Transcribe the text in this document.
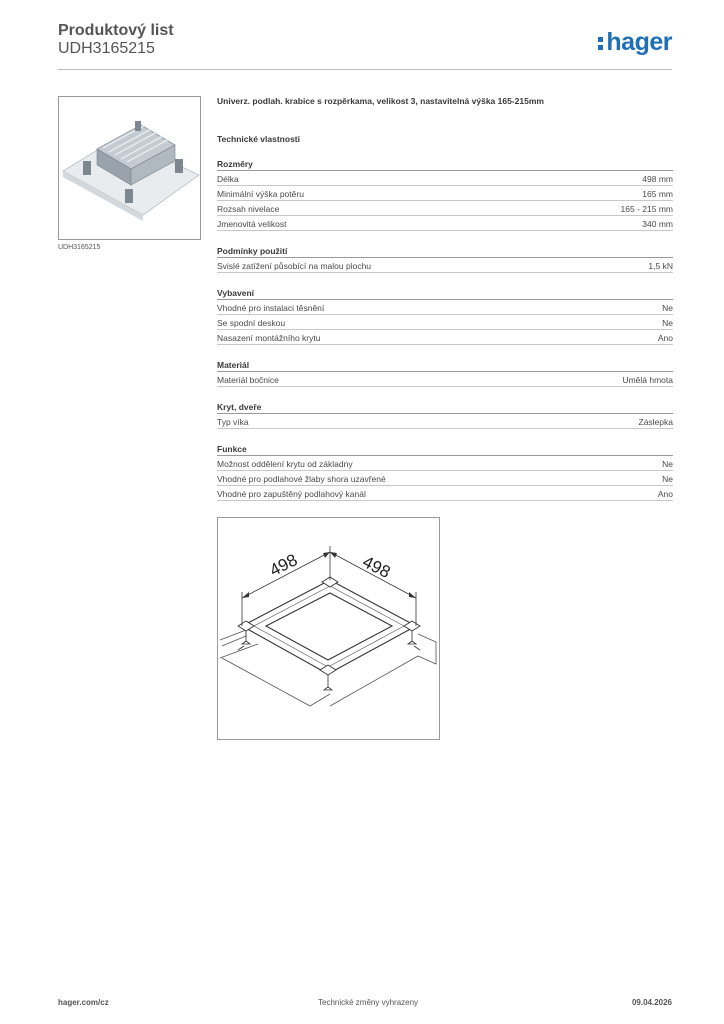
Produktový list
UDH3165215	hager
UDH3165215
Univerz. podlah. krabice s rozpěrkama, velikost 3, nastavitelná výška 165-215mm
Technické vlastnosti
Rozměry
Délka	498 mm
Minimální výška potěru	165 mm
Rozsah nivelace	165 - 215 mm
Jmenovitá velikost	340 mm
Podmínky použití
Svislé zatížení působící na malou plochu	1,5 kN
Vybavení
Vhodné pro instalaci těsnění	Ne
Se spodní deskou	Ne
Nasazení montážního krytu	Ano
Materiál
Materiál bočnice	Umělá hmota
Kryt, dveře
Typ víka	Záslepka
Funkce
Možnost oddělení krytu od základny	Ne
Vhodné pro podlahové žlaby shora uzavřené	Ne
Vhodné pro zapuštěný podlahový kanál	Ano
498	498
hager.com/cz	Technické změny vyhrazeny	09.04.2026
